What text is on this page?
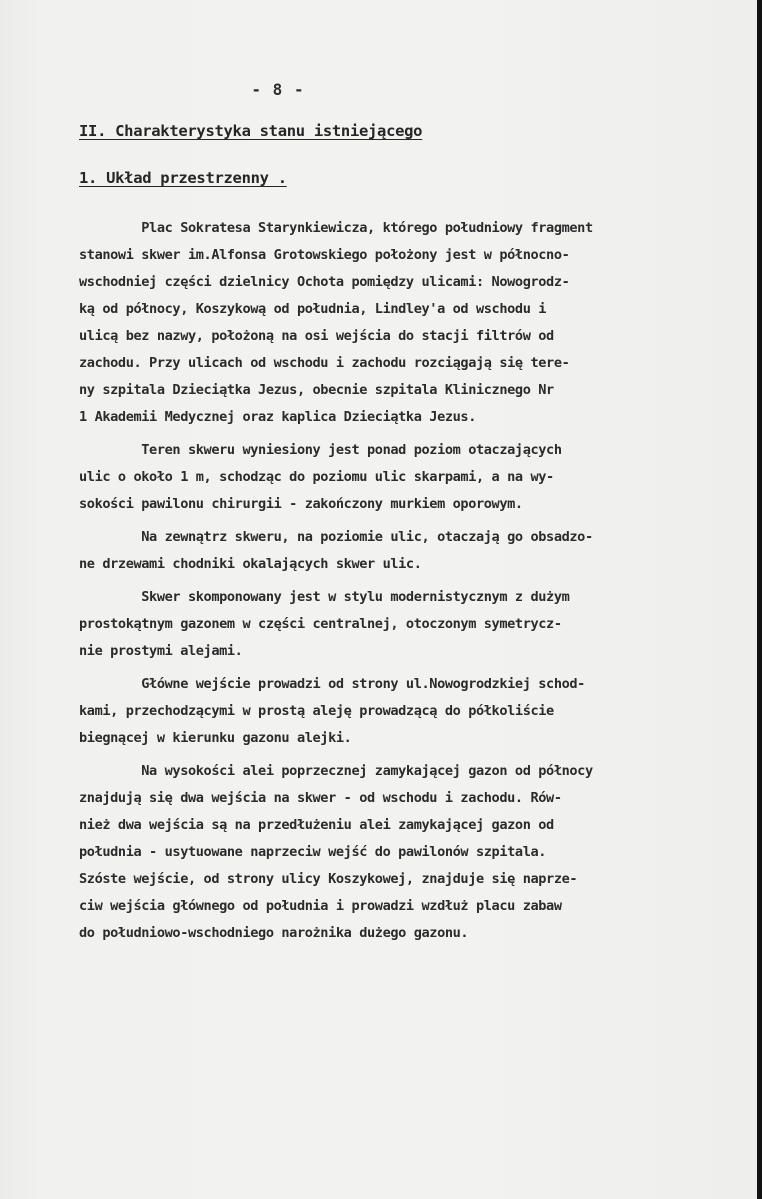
- 8 -
II. Charakterystyka stanu istniejącego
1. Układ przestrzenny .
Plac Sokratesa Starynkiewicza, którego południowy fragment
stanowi skwer im.Alfonsa Grotowskiego położony jest w północno-
wschodniej części dzielnicy Ochota pomiędzy ulicami: Nowogrodz-
ką od północy, Koszykową od południa, Lindley'a od wschodu i
ulicą bez nazwy, położoną na osi wejścia do stacji filtrów od
zachodu. Przy ulicach od wschodu i zachodu rozciągają się tere-
ny szpitala Dzieciątka Jezus, obecnie szpitala Klinicznego Nr
1 Akademii Medycznej oraz kaplica Dzieciątka Jezus.
Teren skweru wyniesiony jest ponad poziom otaczających
ulic o około 1 m, schodząc do poziomu ulic skarpami, a na wy-
sokości pawilonu chirurgii - zakończony murkiem oporowym.
Na zewnątrz skweru, na poziomie ulic, otaczają go obsadzo-
ne drzewami chodniki okalających skwer ulic.
Skwer skomponowany jest w stylu modernistycznym z dużym
prostokątnym gazonem w części centralnej, otoczonym symetrycz-
nie prostymi alejami.
Główne wejście prowadzi od strony ul.Nowogrodzkiej schod-
kami, przechodzącymi w prostą aleję prowadzącą do półkoliście
biegnącej w kierunku gazonu alejki.
Na wysokości alei poprzecznej zamykającej gazon od północy
znajdują się dwa wejścia na skwer - od wschodu i zachodu. Rów-
nież dwa wejścia są na przedłużeniu alei zamykającej gazon od
południa - usytuowane naprzeciw wejść do pawilonów szpitala.
Szóste wejście, od strony ulicy Koszykowej, znajduje się naprze-
ciw wejścia głównego od południa i prowadzi wzdłuż placu zabaw
do południowo-wschodniego narożnika dużego gazonu.
